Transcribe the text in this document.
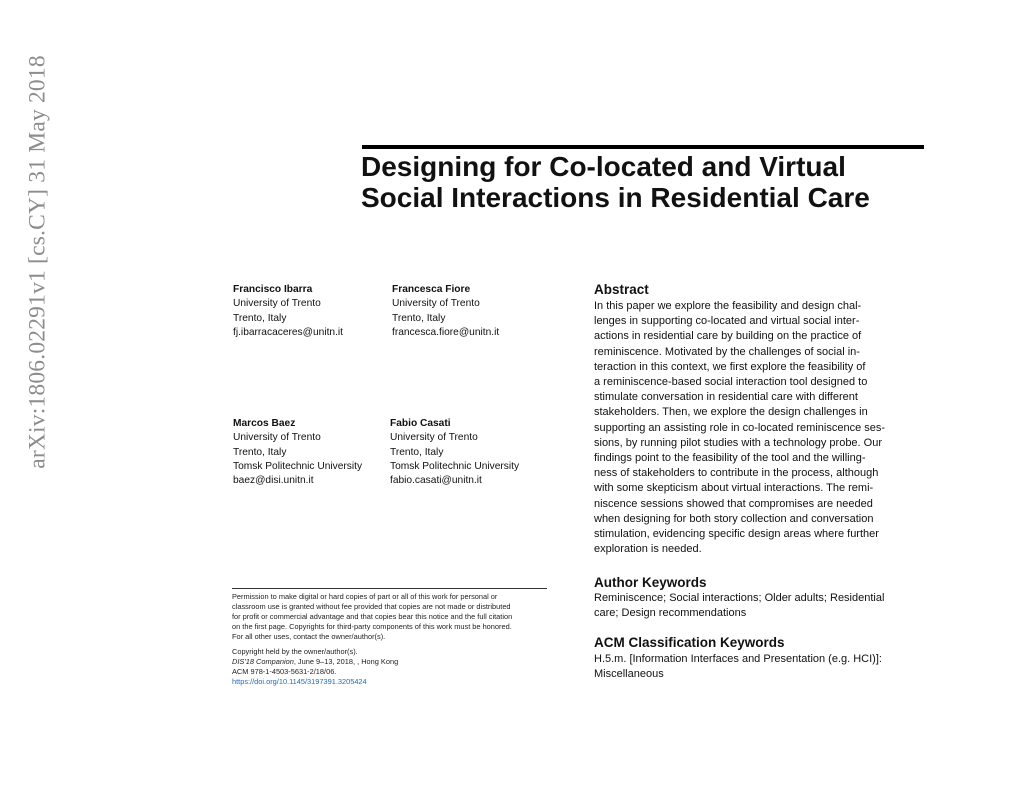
arXiv:1806.02291v1 [cs.CY] 31 May 2018	Designing for Co-located and Virtual
Social Interactions in Residential Care
Francisco Ibarra
University of Trento
Trento, Italy
fj.ibarracaceres@unitn.it
Francesca Fiore
University of Trento
Trento, Italy
francesca.fiore@unitn.it
Marcos Baez
University of Trento
Trento, Italy
Tomsk Politechnic University
baez@disi.unitn.it
Fabio Casati
University of Trento
Trento, Italy
Tomsk Politechnic University
fabio.casati@unitn.it
Permission to make digital or hard copies of part or all of this work for personal or
classroom use is granted without fee provided that copies are not made or distributed
for profit or commercial advantage and that copies bear this notice and the full citation
on the first page. Copyrights for third-party components of this work must be honored.
For all other uses, contact the owner/author(s).
Copyright held by the owner/author(s).
DIS'18 Companion, June 9–13, 2018, , Hong Kong
ACM 978-1-4503-5631-2/18/06.
https://doi.org/10.1145/3197391.3205424
Abstract
In this paper we explore the feasibility and design chal-
lenges in supporting co-located and virtual social inter-
actions in residential care by building on the practice of
reminiscence. Motivated by the challenges of social in-
teraction in this context, we first explore the feasibility of
a reminiscence-based social interaction tool designed to
stimulate conversation in residential care with different
stakeholders. Then, we explore the design challenges in
supporting an assisting role in co-located reminiscence ses-
sions, by running pilot studies with a technology probe. Our
findings point to the feasibility of the tool and the willing-
ness of stakeholders to contribute in the process, although
with some skepticism about virtual interactions. The remi-
niscence sessions showed that compromises are needed
when designing for both story collection and conversation
stimulation, evidencing specific design areas where further
exploration is needed.
Author Keywords
Reminiscence; Social interactions; Older adults; Residential
care; Design recommendations
ACM Classification Keywords
H.5.m. [Information Interfaces and Presentation (e.g. HCI)]:
Miscellaneous
